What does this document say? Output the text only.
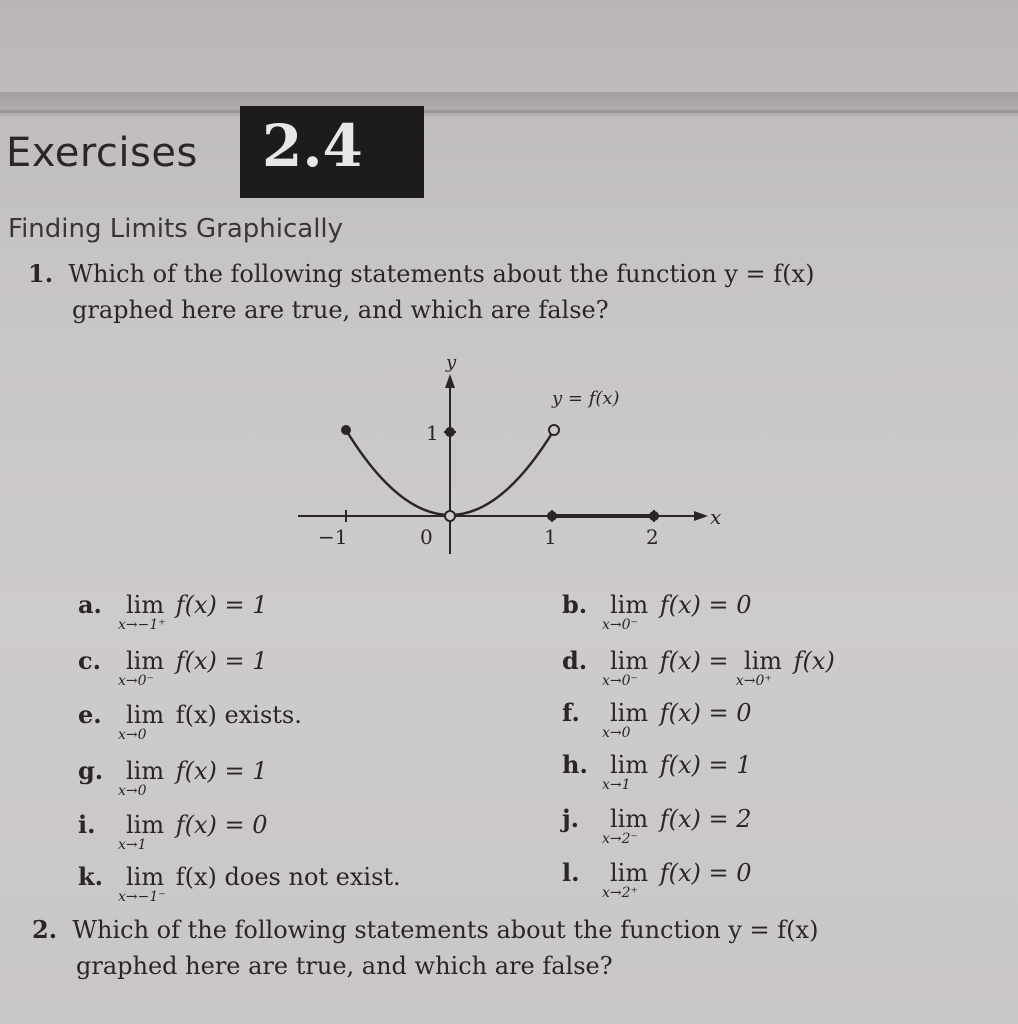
Exercises 2.4
Finding Limits Graphically
1. Which of the following statements about the function y = f(x)
graphed here are true, and which are false?
y
x
y = f(x)
−1	0	1	2
1
a. lim
x→−1⁺
f(x) = 1	b. lim
x→0⁻
f(x) = 0
c. lim
x→0⁻
f(x) = 1	d. lim
x→0⁻
f(x) =  lim
x→0⁺
f(x)
e. lim
x→0
f(x) exists.	f. lim
x→0
f(x) = 0
g. lim
x→0
f(x) = 1	h. lim
x→1
f(x) = 1
i. lim
x→1
f(x) = 0	j. lim
x→2⁻
f(x) = 2
k. lim
x→−1⁻
f(x) does not exist.	l. lim
x→2⁺
f(x) = 0
2. Which of the following statements about the function y = f(x)
graphed here are true, and which are false?
